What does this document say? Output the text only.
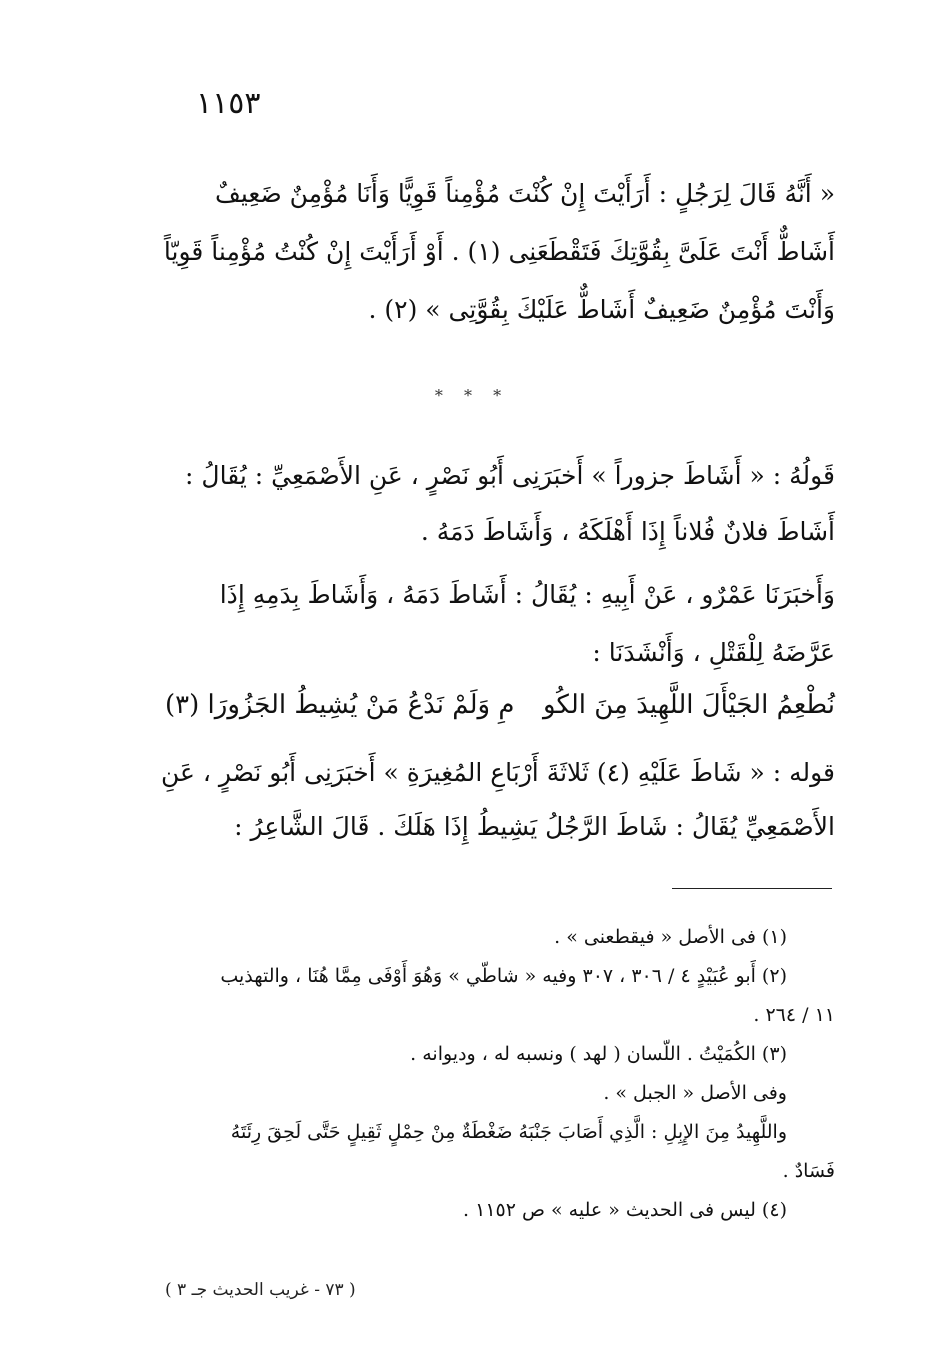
١١٥٣
« أَنَّهُ قَالَ لِرَجُلٍ : أَرَأَيْتَ إِنْ كُنْتَ مُؤْمِناً قَوِيًّا وَأَنَا مُؤْمِنٌ ضَعِيفٌ
أَشَاطٌّ أَنْتَ عَلَىَّ بِقُوَّتِكَ فَتَقْطَعَنِى (١) . أَوْ أَرَأَيْتَ إِنْ كُنْتُ مُؤْمِناً قَوِيّاً
وَأَنْتَ مُؤْمِنٌ ضَعِيفٌ أَشَاطٌّ عَلَيْكَ بِقُوَّتِى » (٢) .
* * *
قَولُهُ : « أَشَاطَ جزوراً » أَخبَرَنِى أَبُو نَصْرٍ ، عَنِ الأَصْمَعِيِّ : يُقَالُ :
أَشَاطَ فلانٌ فُلاناً إِذَا أَهْلَكَهُ ، وَأَشَاطَ دَمَهُ .
وَأَخبَرَنَا عَمْرٌو ، عَنْ أَبِيهِ : يُقَالُ : أَشَاطَ دَمَهُ ، وَأَشَاطَ بِدَمِهِ إِذَا
عَرَّضَهُ لِلْقَتْلِ ، وَأَنْشَدَنَا :
نُطْعِمُ الجَيْأَلَ اللَّهِيدَ مِنَ الكُو
مِ وَلَمْ نَدْعُ مَنْ يُشِيطُ الجَزُورَا (٣)
قوله : « شَاطَ عَلَيْهِ (٤) ثَلاثَةَ أَرْبَاعِ المُغِيرَةِ » أَخبَرَنِى أَبُو نَصْرٍ ، عَنِ
الأَصْمَعِيِّ يُقَالُ : شَاطَ الرَّجُلُ يَشِيطُ إِذَا هَلَكَ . قَالَ الشَّاعِرُ :
(١) فى الأصل « فيقطعنى » .
(٢) أَبو عُبَيْدٍ ٤ / ٣٠٦ ، ٣٠٧ وفيه « شاطّي » وَهُوَ أَوْفَى مِمَّا هُنَا ، والتهذيب
١١ / ٢٦٤ .
(٣) الكُمَيْتُ . اللّسان ( لهد ) ونسبه له ، وديوانه .
وفى الأصل « الجبل » .
واللَّهِيدُ مِنَ الإِبِلِ : الَّذِي أَصَابَ جَنْبَهُ ضَغْطَةٌ مِنْ حِمْلٍ ثَقِيلٍ حَتَّى لَحِقَ رِئَتَهُ
فَسَادٌ .
(٤) ليس فى الحديث « عليه » ص ١١٥٢ .
( ٧٣ - غريب الحديث جـ ٣ )
